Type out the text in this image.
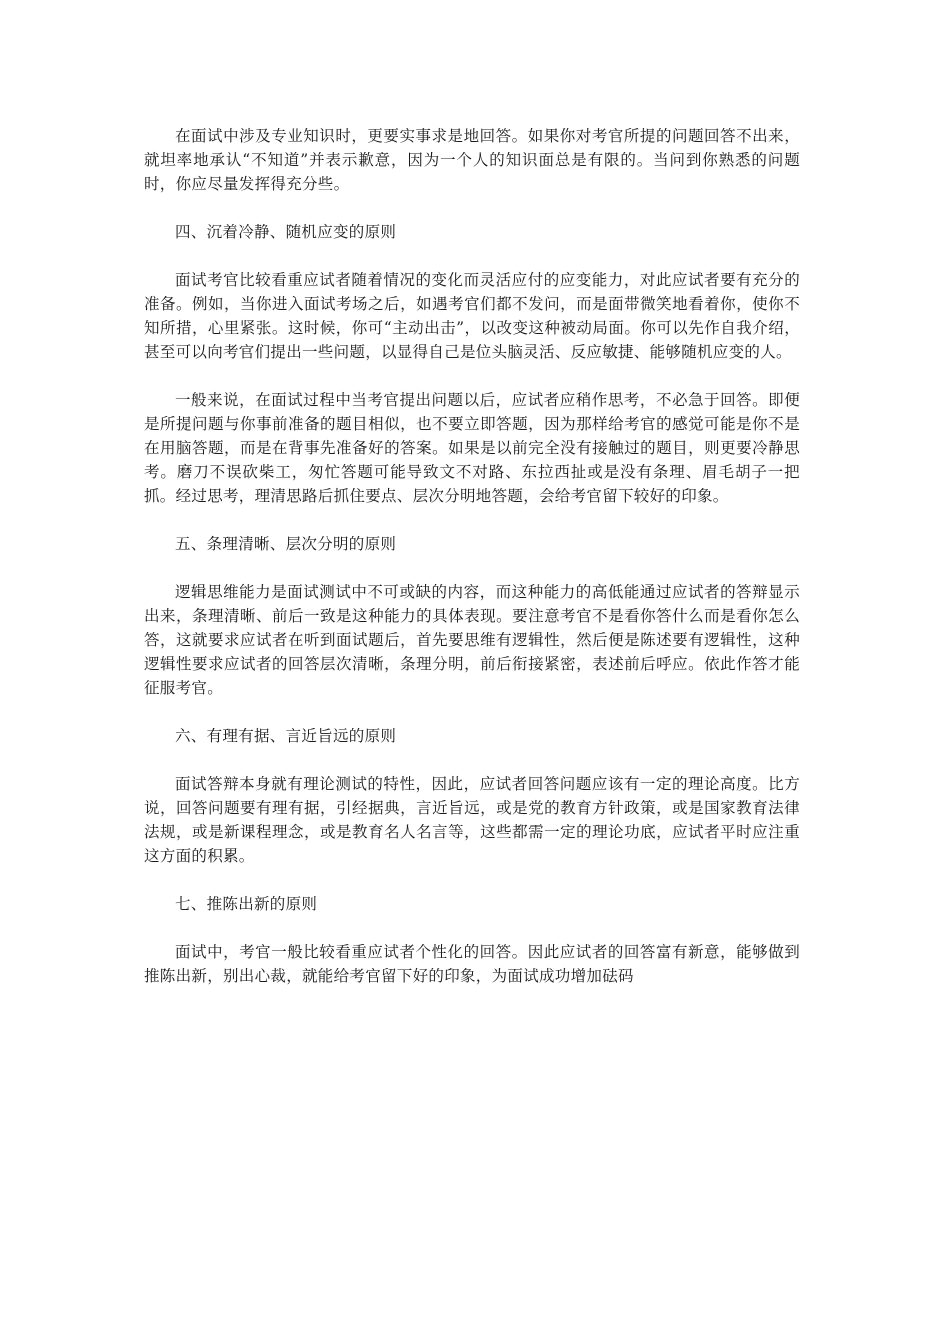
在面试中涉及专业知识时，更要实事求是地回答。如果你对考官所提的问题回答不出来，就坦率地承认“不知道”并表示歉意，因为一个人的知识面总是有限的。当问到你熟悉的问题时，你应尽量发挥得充分些。

四、沉着冷静、随机应变的原则

面试考官比较看重应试者随着情况的变化而灵活应付的应变能力，对此应试者要有充分的准备。例如，当你进入面试考场之后，如遇考官们都不发问，而是面带微笑地看着你，使你不知所措，心里紧张。这时候，你可“主动出击”，以改变这种被动局面。你可以先作自我介绍，甚至可以向考官们提出一些问题，以显得自己是位头脑灵活、反应敏捷、能够随机应变的人。

一般来说，在面试过程中当考官提出问题以后，应试者应稍作思考，不必急于回答。即便是所提问题与你事前准备的题目相似，也不要立即答题，因为那样给考官的感觉可能是你不是在用脑答题，而是在背事先准备好的答案。如果是以前完全没有接触过的题目，则更要冷静思考。磨刀不误砍柴工，匆忙答题可能导致文不对路、东拉西扯或是没有条理、眉毛胡子一把抓。经过思考，理清思路后抓住要点、层次分明地答题，会给考官留下较好的印象。

五、条理清晰、层次分明的原则

逻辑思维能力是面试测试中不可或缺的内容，而这种能力的高低能通过应试者的答辩显示出来，条理清晰、前后一致是这种能力的具体表现。要注意考官不是看你答什么而是看你怎么答，这就要求应试者在听到面试题后，首先要思维有逻辑性，然后便是陈述要有逻辑性，这种逻辑性要求应试者的回答层次清晰，条理分明，前后衔接紧密，表述前后呼应。依此作答才能征服考官。

六、有理有据、言近旨远的原则

面试答辩本身就有理论测试的特性，因此，应试者回答问题应该有一定的理论高度。比方说，回答问题要有理有据，引经据典，言近旨远，或是党的教育方针政策，或是国家教育法律法规，或是新课程理念，或是教育名人名言等，这些都需一定的理论功底，应试者平时应注重这方面的积累。

七、推陈出新的原则

面试中，考官一般比较看重应试者个性化的回答。因此应试者的回答富有新意，能够做到推陈出新，别出心裁，就能给考官留下好的印象，为面试成功增加砝码
